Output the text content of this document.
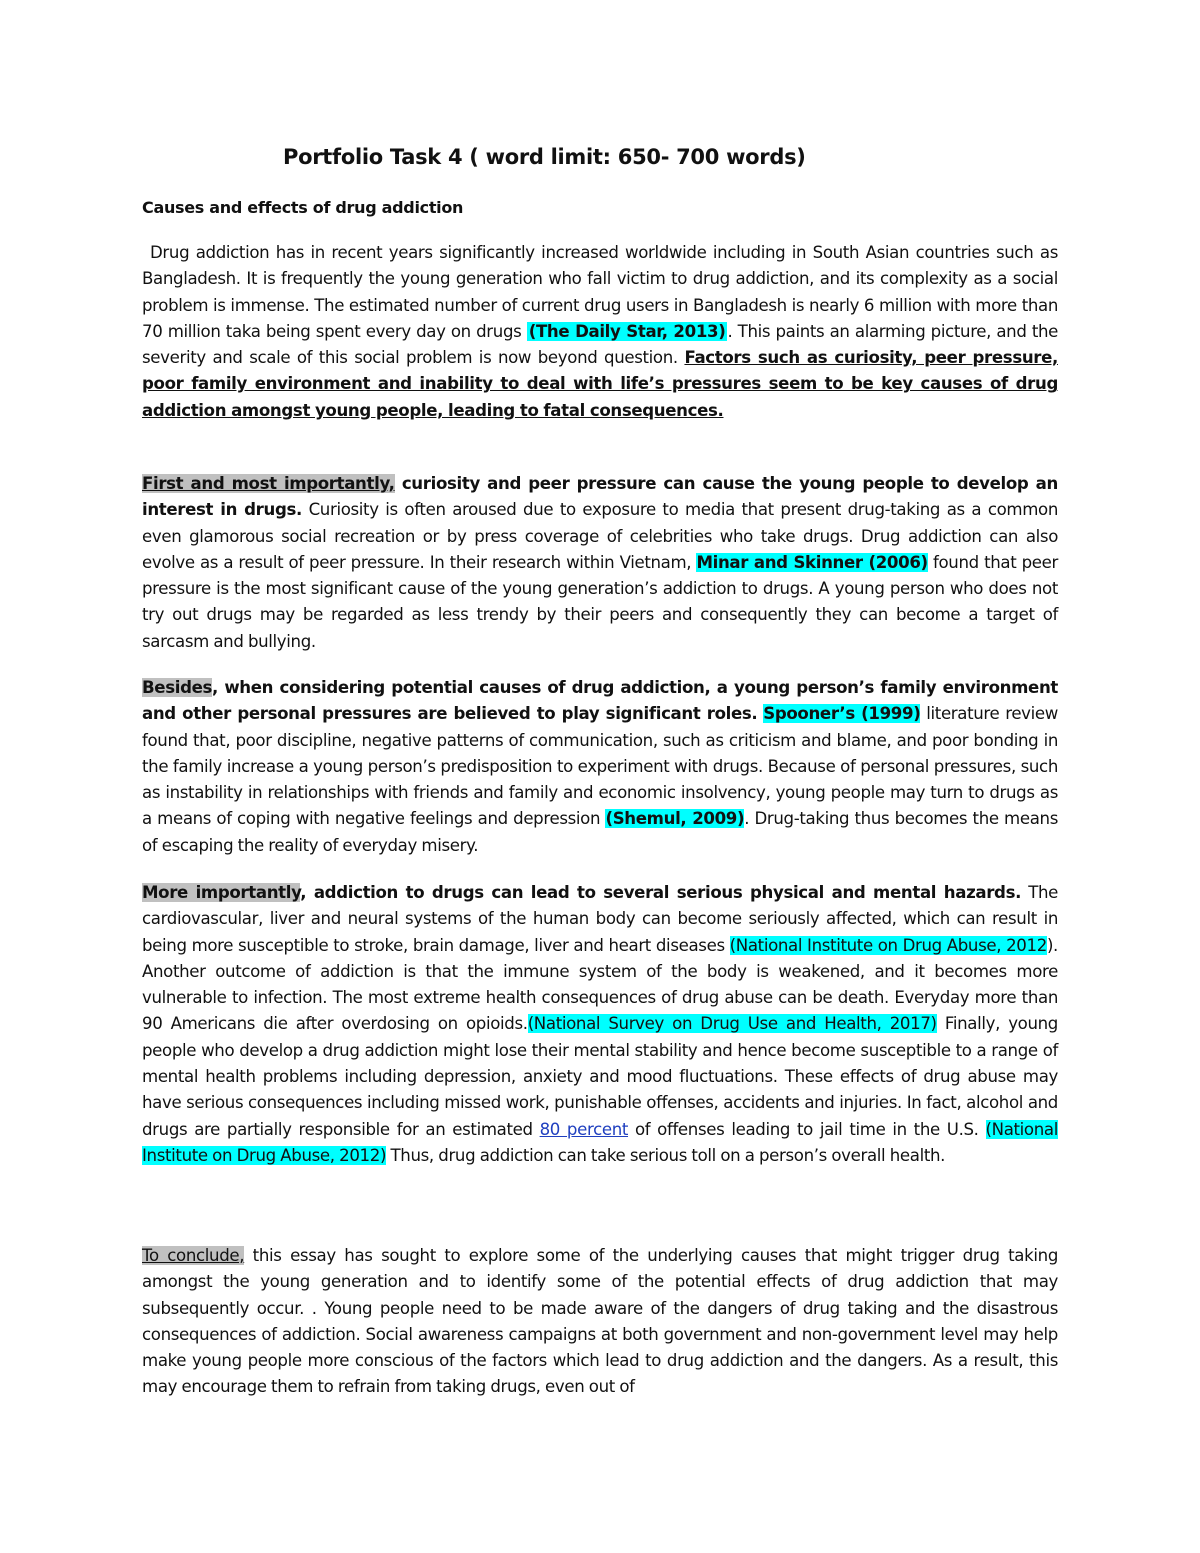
Portfolio Task 4 ( word limit: 650- 700 words)
Causes and effects of drug addiction

Drug addiction has in recent years significantly increased worldwide including in South Asian countries such as Bangladesh. It is frequently the young generation who fall victim to drug addiction, and its complexity as a social problem is immense. The estimated number of current drug users in Bangladesh is nearly 6 million with more than 70 million taka being spent every day on drugs (The Daily Star, 2013) . This paints an alarming picture, and the severity and scale of this social problem is now beyond question. Factors such as curiosity, peer pressure, poor family environment and inability to deal with life’s pressures seem to be key causes of drug addiction amongst young people, leading to fatal consequences.

First and most importantly, curiosity and peer pressure can cause the young people to develop an interest in drugs. Curiosity is often aroused due to exposure to media that present drug-taking as a common even glamorous social recreation or by press coverage of celebrities who take drugs. Drug addiction can also evolve as a result of peer pressure. In their research within Vietnam, Minar and Skinner (2006) found that peer pressure is the most significant cause of the young generation’s addiction to drugs. A young person who does not try out drugs may be regarded as less trendy by their peers and consequently they can become a target of sarcasm and bullying.

Besides, when considering potential causes of drug addiction, a young person’s family environment and other personal pressures are believed to play significant roles. Spooner’s (1999) literature review found that, poor discipline, negative patterns of communication, such as criticism and blame, and poor bonding in the family increase a young person’s predisposition to experiment with drugs. Because of personal pressures, such as instability in relationships with friends and family and economic insolvency, young people may turn to drugs as a means of coping with negative feelings and depression (Shemul, 2009). Drug-taking thus becomes the means of escaping the reality of everyday misery.

More importantly, addiction to drugs can lead to several serious physical and mental hazards. The cardiovascular, liver and neural systems of the human body can become seriously affected, which can result in being more susceptible to stroke, brain damage, liver and heart diseases (National Institute on Drug Abuse, 2012). Another outcome of addiction is that the immune system of the body is weakened, and it becomes more vulnerable to infection. The most extreme health consequences of drug abuse can be death. Everyday more than 90 Americans die after overdosing on opioids.(National Survey on Drug Use and Health, 2017) Finally, young people who develop a drug addiction might lose their mental stability and hence become susceptible to a range of mental health problems including depression, anxiety and mood fluctuations. These effects of drug abuse may have serious consequences including missed work, punishable offenses, accidents and injuries. In fact, alcohol and drugs are partially responsible for an estimated 80 percent of offenses leading to jail time in the U.S. (National Institute on Drug Abuse, 2012) Thus, drug addiction can take serious toll on a person’s overall health.

To conclude, this essay has sought to explore some of the underlying causes that might trigger drug taking amongst the young generation and to identify some of the potential effects of drug addiction that may subsequently occur. . Young people need to be made aware of the dangers of drug taking and the disastrous consequences of addiction. Social awareness campaigns at both government and non-government level may help make young people more conscious of the factors which lead to drug addiction and the dangers. As a result, this may encourage them to refrain from taking drugs, even out of
